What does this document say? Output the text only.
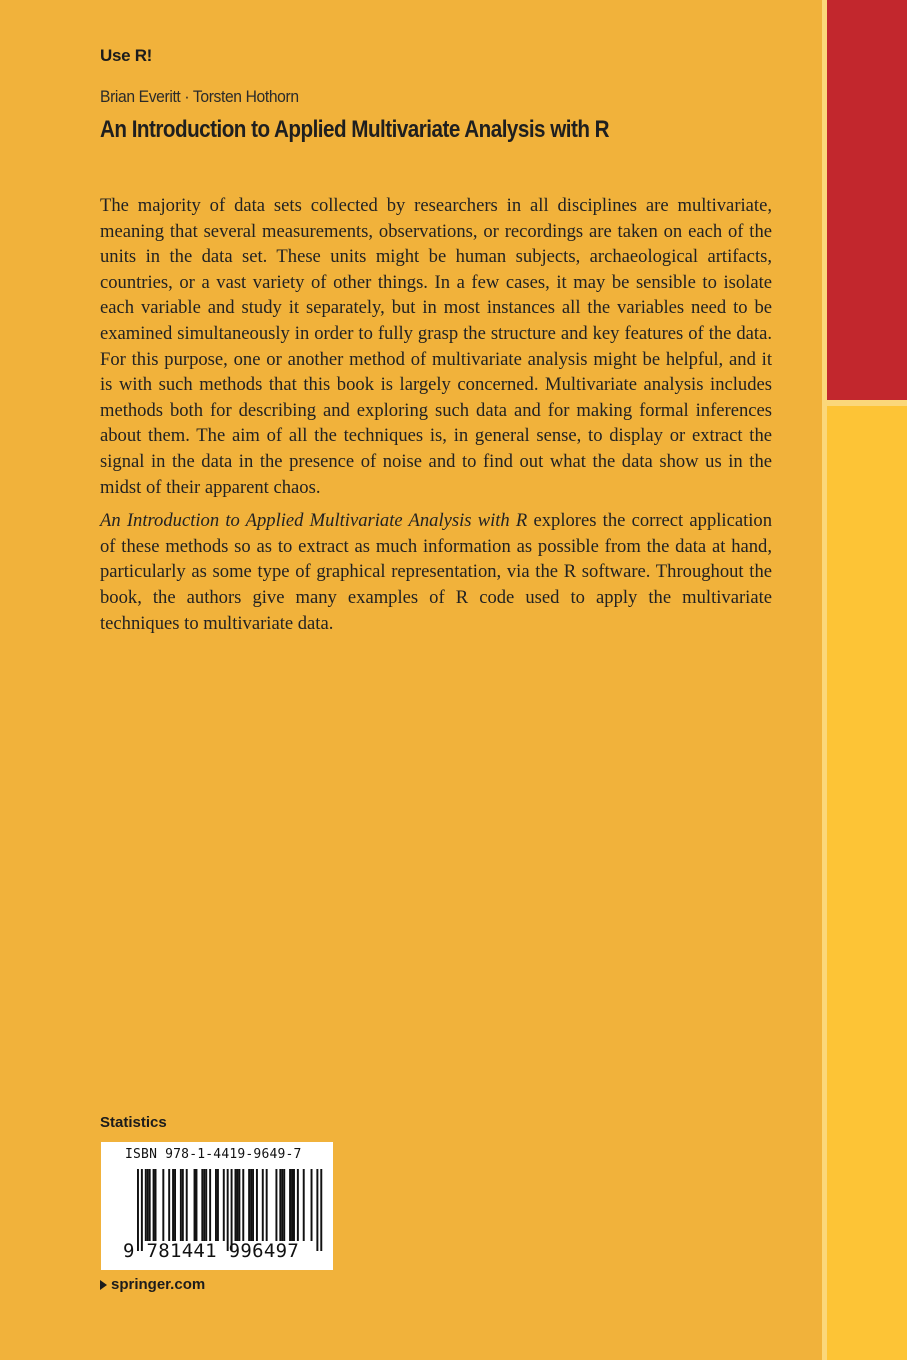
Use R!
Brian Everitt · Torsten Hothorn
An Introduction to Applied Multivariate Analysis with R

The majority of data sets collected by researchers in all disciplines are multivariate, meaning that several measurements, observations, or recordings are taken on each of the units in the data set. These units might be human subjects, archaeological artifacts, countries, or a vast variety of other things. In a few cases, it may be sensible to isolate each variable and study it separately, but in most instances all the variables need to be examined simultaneously in order to fully grasp the structure and key features of the data. For this purpose, one or another method of multivariate analysis might be helpful, and it is with such methods that this book is largely concerned. Multivariate analysis includes methods both for describing and exploring such data and for making formal inferences about them. The aim of all the techniques is, in general sense, to display or extract the signal in the data in the presence of noise and to find out what the data show us in the midst of their apparent chaos.

An Introduction to Applied Multivariate Analysis with R explores the correct application of these methods so as to extract as much information as possible from the data at hand, particularly as some type of graphical representation, via the R software. Throughout the book, the authors give many examples of R code used to apply the multivariate techniques to multivariate data.

Statistics
ISBN 978-1-4419-9649-7
9 781441 996497
springer.com
